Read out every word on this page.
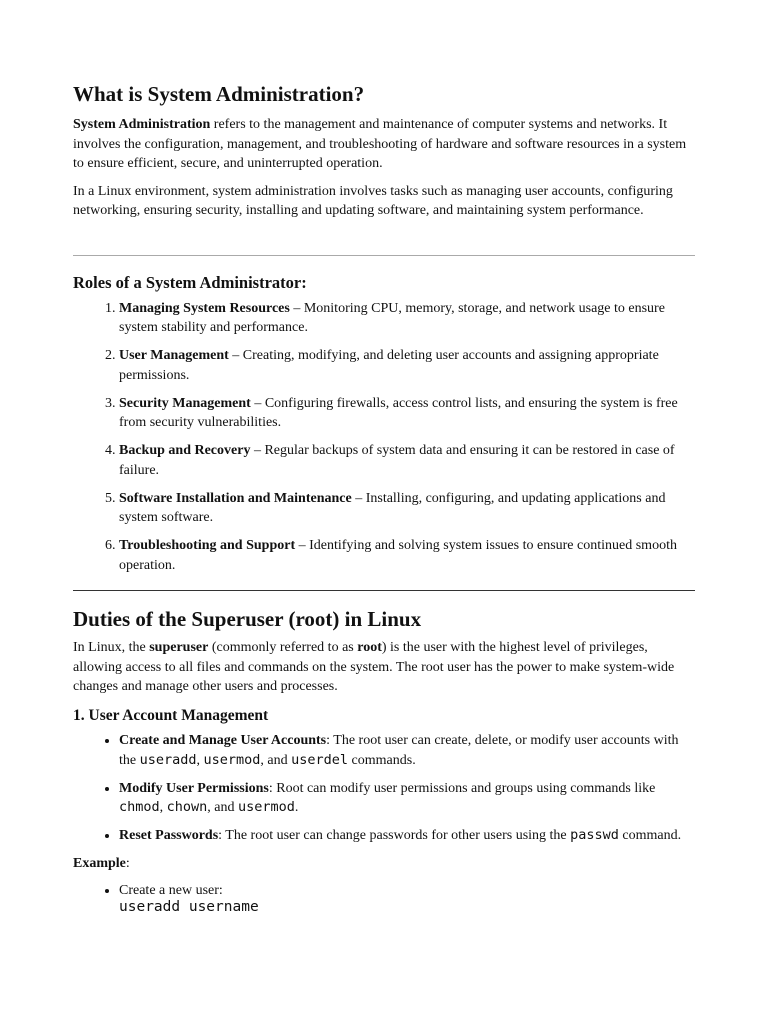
What is System Administration?

System Administration refers to the management and maintenance of computer systems and networks. It involves the configuration, management, and troubleshooting of hardware and software resources in a system to ensure efficient, secure, and uninterrupted operation.

In a Linux environment, system administration involves tasks such as managing user accounts, configuring networking, ensuring security, installing and updating software, and maintaining system performance.

Roles of a System Administrator:
1. Managing System Resources – Monitoring CPU, memory, storage, and network usage to ensure system stability and performance.
2. User Management – Creating, modifying, and deleting user accounts and assigning appropriate permissions.
3. Security Management – Configuring firewalls, access control lists, and ensuring the system is free from security vulnerabilities.
4. Backup and Recovery – Regular backups of system data and ensuring it can be restored in case of failure.
5. Software Installation and Maintenance – Installing, configuring, and updating applications and system software.
6. Troubleshooting and Support – Identifying and solving system issues to ensure continued smooth operation.
Duties of the Superuser (root) in Linux

In Linux, the superuser (commonly referred to as root) is the user with the highest level of privileges, allowing access to all files and commands on the system. The root user has the power to make system-wide changes and manage other users and processes.

1. User Account Management
• Create and Manage User Accounts: The root user can create, delete, or modify user accounts with the useradd, usermod, and userdel commands.
• Modify User Permissions: Root can modify user permissions and groups using commands like chmod, chown, and usermod.
• Reset Passwords: The root user can change passwords for other users using the passwd command.

Example:

• Create a new user:
useradd username
